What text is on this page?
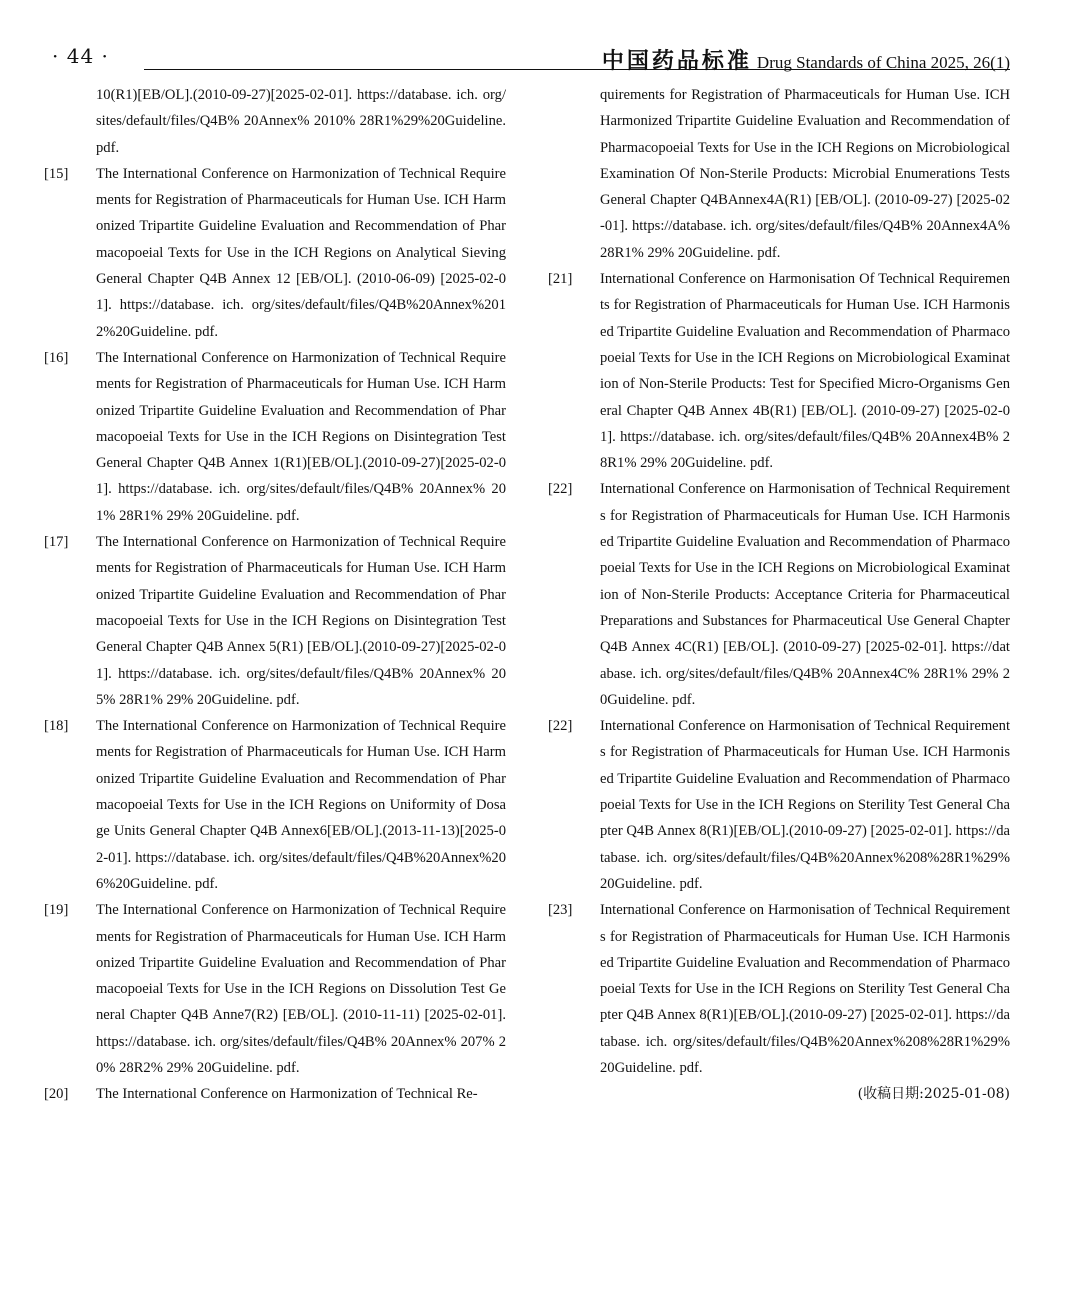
· 44 ·	中国药品标准 Drug Standards of China 2025, 26(1)
10(R1)[EB/OL].(2010-09-27)[2025-02-01]. https://database. ich. org/sites/default/files/Q4B% 20Annex% 2010% 28R1%29%20Guideline. pdf.
[15] The International Conference on Harmonization of Technical Requirements for Registration of Pharmaceuticals for Human Use. ICH Harmonized Tripartite Guideline Evaluation and Recommendation of Pharmacopoeial Texts for Use in the ICH Regions on Analytical Sieving General Chapter Q4B Annex 12 [EB/OL]. (2010-06-09) [2025-02-01]. https://database. ich. org/sites/default/files/Q4B%20Annex%2012%20Guideline. pdf.
[16] The International Conference on Harmonization of Technical Requirements for Registration of Pharmaceuticals for Human Use. ICH Harmonized Tripartite Guideline Evaluation and Recommendation of Pharmacopoeial Texts for Use in the ICH Regions on Disintegration Test General Chapter Q4B Annex 1(R1)[EB/OL].(2010-09-27)[2025-02-01]. https://database. ich. org/sites/default/files/Q4B% 20Annex% 201% 28R1% 29% 20Guideline. pdf.
[17] The International Conference on Harmonization of Technical Requirements for Registration of Pharmaceuticals for Human Use. ICH Harmonized Tripartite Guideline Evaluation and Recommendation of Pharmacopoeial Texts for Use in the ICH Regions on Disintegration Test General Chapter Q4B Annex 5(R1) [EB/OL].(2010-09-27)[2025-02-01]. https://database. ich. org/sites/default/files/Q4B% 20Annex% 205% 28R1% 29% 20Guideline. pdf.
[18] The International Conference on Harmonization of Technical Requirements for Registration of Pharmaceuticals for Human Use. ICH Harmonized Tripartite Guideline Evaluation and Recommendation of Pharmacopoeial Texts for Use in the ICH Regions on Uniformity of Dosage Units General Chapter Q4B Annex6[EB/OL].(2013-11-13)[2025-02-01]. https://database. ich. org/sites/default/files/Q4B%20Annex%206%20Guideline. pdf.
[19] The International Conference on Harmonization of Technical Requirements for Registration of Pharmaceuticals for Human Use. ICH Harmonized Tripartite Guideline Evaluation and Recommendation of Pharmacopoeial Texts for Use in the ICH Regions on Dissolution Test General Chapter Q4B Anne7(R2) [EB/OL]. (2010-11-11) [2025-02-01]. https://database. ich. org/sites/default/files/Q4B% 20Annex% 207% 20% 28R2% 29% 20Guideline. pdf.
[20] The International Conference on Harmonization of Technical Re-
quirements for Registration of Pharmaceuticals for Human Use. ICH Harmonized Tripartite Guideline Evaluation and Recommendation of Pharmacopoeial Texts for Use in the ICH Regions on Microbiological Examination Of Non-Sterile Products: Microbial Enumerations Tests General Chapter Q4BAnnex4A(R1) [EB/OL]. (2010-09-27) [2025-02-01]. https://database. ich. org/sites/default/files/Q4B% 20Annex4A% 28R1% 29% 20Guideline. pdf.
[21] International Conference on Harmonisation Of Technical Requirements for Registration of Pharmaceuticals for Human Use. ICH Harmonised Tripartite Guideline Evaluation and Recommendation of Pharmacopoeial Texts for Use in the ICH Regions on Microbiological Examination of Non-Sterile Products: Test for Specified Micro-Organisms General Chapter Q4B Annex 4B(R1) [EB/OL]. (2010-09-27) [2025-02-01]. https://database. ich. org/sites/default/files/Q4B% 20Annex4B% 28R1% 29% 20Guideline. pdf.
[22] International Conference on Harmonisation of Technical Requirements for Registration of Pharmaceuticals for Human Use. ICH Harmonised Tripartite Guideline Evaluation and Recommendation of Pharmacopoeial Texts for Use in the ICH Regions on Microbiological Examination of Non-Sterile Products: Acceptance Criteria for Pharmaceutical Preparations and Substances for Pharmaceutical Use General Chapter Q4B Annex 4C(R1) [EB/OL]. (2010-09-27) [2025-02-01]. https://database. ich. org/sites/default/files/Q4B% 20Annex4C% 28R1% 29% 20Guideline. pdf.
[22] International Conference on Harmonisation of Technical Requirements for Registration of Pharmaceuticals for Human Use. ICH Harmonised Tripartite Guideline Evaluation and Recommendation of Pharmacopoeial Texts for Use in the ICH Regions on Sterility Test General Chapter Q4B Annex 8(R1)[EB/OL].(2010-09-27) [2025-02-01]. https://database. ich. org/sites/default/files/Q4B%20Annex%208%28R1%29%20Guideline. pdf.
[23] International Conference on Harmonisation of Technical Requirements for Registration of Pharmaceuticals for Human Use. ICH Harmonised Tripartite Guideline Evaluation and Recommendation of Pharmacopoeial Texts for Use in the ICH Regions on Sterility Test General Chapter Q4B Annex 8(R1)[EB/OL].(2010-09-27) [2025-02-01]. https://database. ich. org/sites/default/files/Q4B%20Annex%208%28R1%29%20Guideline. pdf.
(收稿日期:2025-01-08)
